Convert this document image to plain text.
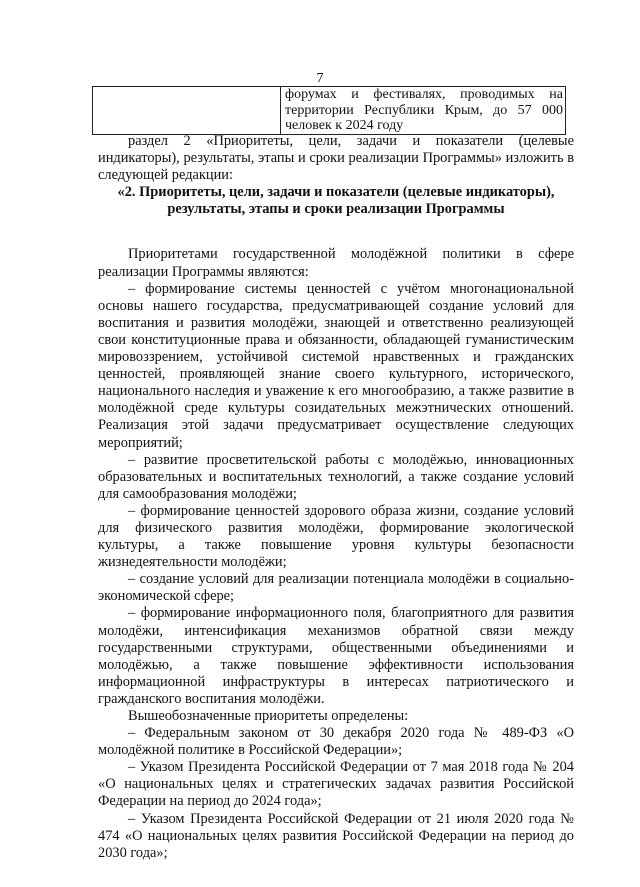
7
	форумах и фестивалях, проводимых на территории Республики Крым, до 57 000 человек к 2024 году

раздел 2 «Приоритеты, цели, задачи и показатели (целевые индикаторы), результаты, этапы и сроки реализации Программы» изложить в следующей редакции:

«2. Приоритеты, цели, задачи и показатели (целевые индикаторы), результаты, этапы и сроки реализации Программы

Приоритетами государственной молодёжной политики в сфере реализации Программы являются:

– формирование системы ценностей с учётом многонациональной основы нашего государства, предусматривающей создание условий для воспитания и развития молодёжи, знающей и ответственно реализующей свои конституционные права и обязанности, обладающей гуманистическим мировоззрением, устойчивой системой нравственных и гражданских ценностей, проявляющей знание своего культурного, исторического, национального наследия и уважение к его многообразию, а также развитие в молодёжной среде культуры созидательных межэтнических отношений. Реализация этой задачи предусматривает осуществление следующих мероприятий;

– развитие просветительской работы с молодёжью, инновационных образовательных и воспитательных технологий, а также создание условий для самообразования молодёжи;

– формирование ценностей здорового образа жизни, создание условий для физического развития молодёжи, формирование экологической культуры, а также повышение уровня культуры безопасности жизнедеятельности молодёжи;

– создание условий для реализации потенциала молодёжи в социально-экономической сфере;

– формирование информационного поля, благоприятного для развития молодёжи, интенсификация механизмов обратной связи между государственными структурами, общественными объединениями и молодёжью, а также повышение эффективности использования информационной инфраструктуры в интересах патриотического и гражданского воспитания молодёжи.

Вышеобозначенные приоритеты определены:

– Федеральным законом от 30 декабря 2020 года № 489-ФЗ «О молодёжной политике в Российской Федерации»;

– Указом Президента Российской Федерации от 7 мая 2018 года № 204 «О национальных целях и стратегических задачах развития Российской Федерации на период до 2024 года»;

– Указом Президента Российской Федерации от 21 июля 2020 года № 474 «О национальных целях развития Российской Федерации на период до 2030 года»;
